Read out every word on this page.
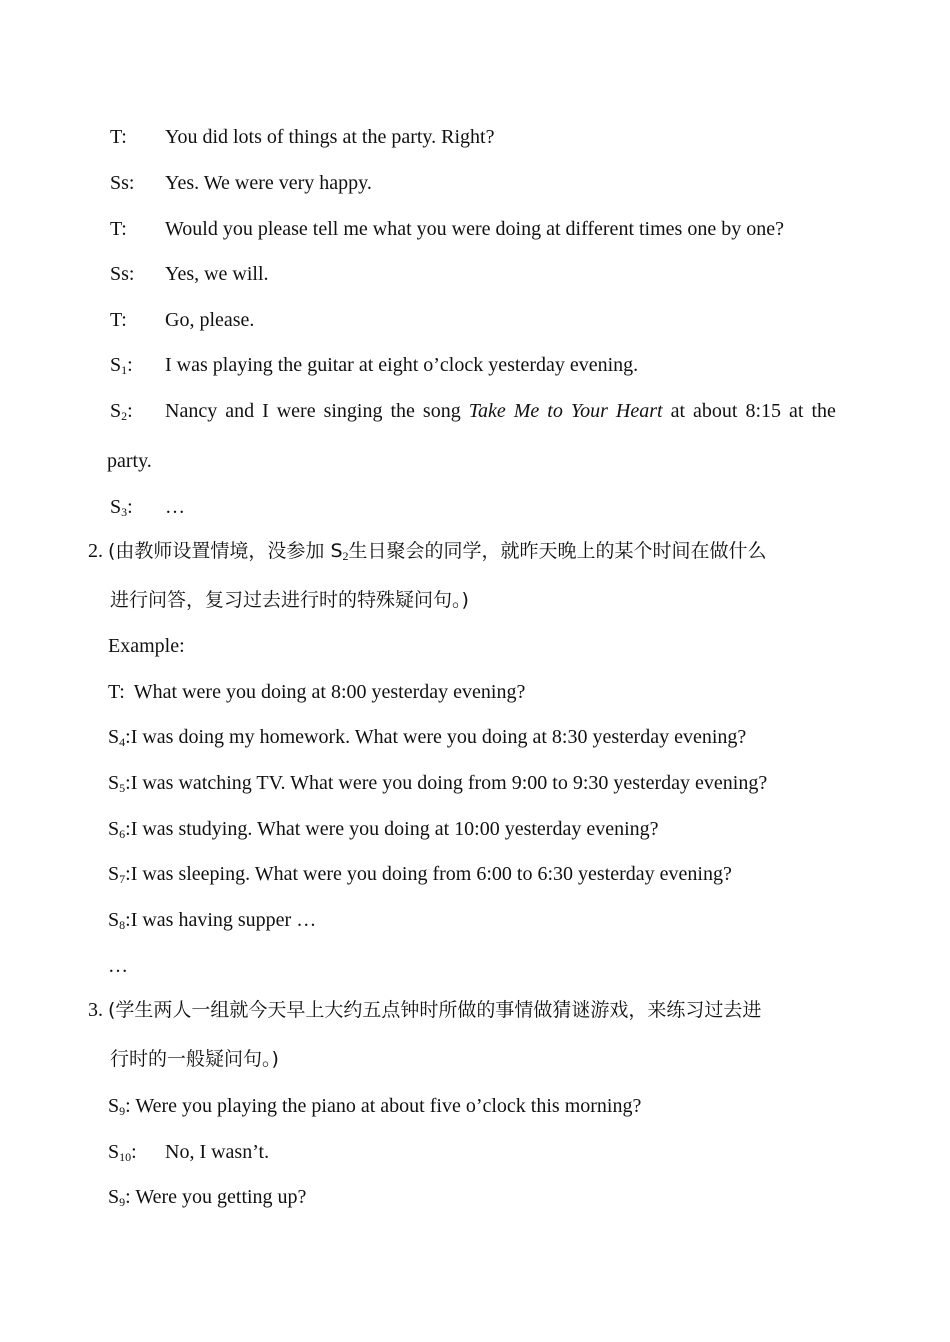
T: You did lots of things at the party. Right?
Ss: Yes. We were very happy.
T: Would you please tell me what you were doing at different times one by one?
Ss: Yes, we will.
T: Go, please.
$S_1$: I was playing the guitar at eight o’clock yesterday evening.
$S_2$: Nancy and I were singing the song Take Me to Your Heart at about 8:15 at the
party.
$S_3$: …
2. (由教师设置情境，没参加 $S_2$生日聚会的同学，就昨天晚上的某个时间在做什么
进行问答，复习过去进行时的特殊疑问句。)
Example:
T: What were you doing at 8:00 yesterday evening?
$S_4:I$ was doing my homework. What were you doing at 8:30 yesterday evening?
$S_5:I$ was watching TV. What were you doing from 9:00 to 9:30 yesterday evening?
$S_6:I$ was studying. What were you doing at 10:00 yesterday evening?
$S_7:I$ was sleeping. What were you doing from 6:00 to 6:30 yesterday evening?
$S_8:I$ was having supper …
…
3. (学生两人一组就今天早上大约五点钟时所做的事情做猜谜游戏，来练习过去进
行时的一般疑问句。)
$S_9$: Were you playing the piano at about five o’clock this morning?
$S_{10}$: No, I wasn’t.
$S_9$: Were you getting up?
